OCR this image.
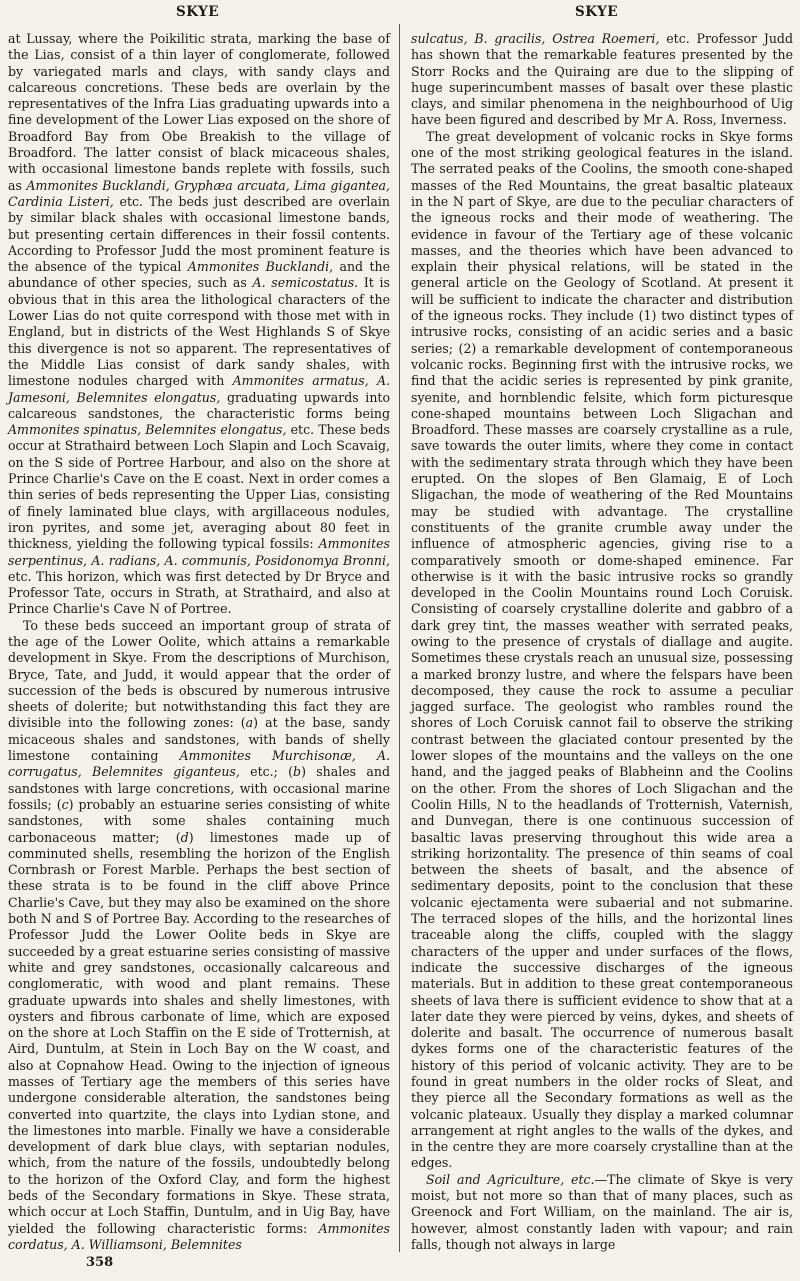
SKYE	SKYE

at Lussay, where the Poikilitic strata, marking the base of the Lias, consist of a thin layer of conglomerate, followed by variegated marls and clays, with sandy clays and calcareous concretions. These beds are overlain by the representatives of the Infra Lias graduating upwards into a fine development of the Lower Lias exposed on the shore of Broadford Bay from Obe Breakish to the village of Broadford. The latter consist of black micaceous shales, with occasional limestone bands replete with fossils, such as Ammonites Bucklandi, Gryphæa arcuata, Lima gigantea, Cardinia Listeri, etc. The beds just described are overlain by similar black shales with occasional limestone bands, but presenting certain differences in their fossil contents. According to Professor Judd the most prominent feature is the absence of the typical Ammonites Bucklandi, and the abundance of other species, such as A. semicostatus. It is obvious that in this area the lithological characters of the Lower Lias do not quite correspond with those met with in England, but in districts of the West Highlands S of Skye this divergence is not so apparent. The representatives of the Middle Lias consist of dark sandy shales, with limestone nodules charged with Ammonites armatus, A. Jamesoni, Belemnites elongatus, graduating upwards into calcareous sandstones, the characteristic forms being Ammonites spinatus, Belemnites elongatus, etc. These beds occur at Strathaird between Loch Slapin and Loch Scavaig, on the S side of Portree Harbour, and also on the shore at Prince Charlie's Cave on the E coast. Next in order comes a thin series of beds representing the Upper Lias, consisting of finely laminated blue clays, with argillaceous nodules, iron pyrites, and some jet, averaging about 80 feet in thickness, yielding the following typical fossils: Ammonites serpentinus, A. radians, A. communis, Posidonomya Bronni, etc. This horizon, which was first detected by Dr Bryce and Professor Tate, occurs in Strath, at Strathaird, and also at Prince Charlie's Cave N of Portree.

To these beds succeed an important group of strata of the age of the Lower Oolite, which attains a remarkable development in Skye. From the descriptions of Murchison, Bryce, Tate, and Judd, it would appear that the order of succession of the beds is obscured by numerous intrusive sheets of dolerite; but notwithstanding this fact they are divisible into the following zones: (a) at the base, sandy micaceous shales and sandstones, with bands of shelly limestone containing Ammonites Murchisonæ, A. corrugatus, Belemnites giganteus, etc.; (b) shales and sandstones with large concretions, with occasional marine fossils; (c) probably an estuarine series consisting of white sandstones, with some shales containing much carbonaceous matter; (d) limestones made up of comminuted shells, resembling the horizon of the English Cornbrash or Forest Marble. Perhaps the best section of these strata is to be found in the cliff above Prince Charlie's Cave, but they may also be examined on the shore both N and S of Portree Bay. According to the researches of Professor Judd the Lower Oolite beds in Skye are succeeded by a great estuarine series consisting of massive white and grey sandstones, occasionally calcareous and conglomeratic, with wood and plant remains. These graduate upwards into shales and shelly limestones, with oysters and fibrous carbonate of lime, which are exposed on the shore at Loch Staffin on the E side of Trotternish, at Aird, Duntulm, at Stein in Loch Bay on the W coast, and also at Copnahow Head. Owing to the injection of igneous masses of Tertiary age the members of this series have undergone considerable alteration, the sandstones being converted into quartzite, the clays into Lydian stone, and the limestones into marble. Finally we have a considerable development of dark blue clays, with septarian nodules, which, from the nature of the fossils, undoubtedly belong to the horizon of the Oxford Clay, and form the highest beds of the Secondary formations in Skye. These strata, which occur at Loch Staffin, Duntulm, and in Uig Bay, have yielded the following characteristic forms: Ammonites cordatus, A. Williamsoni, Belemnites

sulcatus, B. gracilis, Ostrea Roemeri, etc. Professor Judd has shown that the remarkable features presented by the Storr Rocks and the Quiraing are due to the slipping of huge superincumbent masses of basalt over these plastic clays, and similar phenomena in the neighbourhood of Uig have been figured and described by Mr A. Ross, Inverness.

The great development of volcanic rocks in Skye forms one of the most striking geological features in the island. The serrated peaks of the Coolins, the smooth cone-shaped masses of the Red Mountains, the great basaltic plateaux in the N part of Skye, are due to the peculiar characters of the igneous rocks and their mode of weathering. The evidence in favour of the Tertiary age of these volcanic masses, and the theories which have been advanced to explain their physical relations, will be stated in the general article on the Geology of Scotland. At present it will be sufficient to indicate the character and distribution of the igneous rocks. They include (1) two distinct types of intrusive rocks, consisting of an acidic series and a basic series; (2) a remarkable development of contemporaneous volcanic rocks. Beginning first with the intrusive rocks, we find that the acidic series is represented by pink granite, syenite, and hornblendic felsite, which form picturesque cone-shaped mountains between Loch Sligachan and Broadford. These masses are coarsely crystalline as a rule, save towards the outer limits, where they come in contact with the sedimentary strata through which they have been erupted. On the slopes of Ben Glamaig, E of Loch Sligachan, the mode of weathering of the Red Mountains may be studied with advantage. The crystalline constituents of the granite crumble away under the influence of atmospheric agencies, giving rise to a comparatively smooth or dome-shaped eminence. Far otherwise is it with the basic intrusive rocks so grandly developed in the Coolin Mountains round Loch Coruisk. Consisting of coarsely crystalline dolerite and gabbro of a dark grey tint, the masses weather with serrated peaks, owing to the presence of crystals of diallage and augite. Sometimes these crystals reach an unusual size, possessing a marked bronzy lustre, and where the felspars have been decomposed, they cause the rock to assume a peculiar jagged surface. The geologist who rambles round the shores of Loch Coruisk cannot fail to observe the striking contrast between the glaciated contour presented by the lower slopes of the mountains and the valleys on the one hand, and the jagged peaks of Blabheinn and the Coolins on the other. From the shores of Loch Sligachan and the Coolin Hills, N to the headlands of Trotternish, Vaternish, and Dunvegan, there is one continuous succession of basaltic lavas preserving throughout this wide area a striking horizontality. The presence of thin seams of coal between the sheets of basalt, and the absence of sedimentary deposits, point to the conclusion that these volcanic ejectamenta were subaerial and not submarine. The terraced slopes of the hills, and the horizontal lines traceable along the cliffs, coupled with the slaggy characters of the upper and under surfaces of the flows, indicate the successive discharges of the igneous materials. But in addition to these great contemporaneous sheets of lava there is sufficient evidence to show that at a later date they were pierced by veins, dykes, and sheets of dolerite and basalt. The occurrence of numerous basalt dykes forms one of the characteristic features of the history of this period of volcanic activity. They are to be found in great numbers in the older rocks of Sleat, and they pierce all the Secondary formations as well as the volcanic plateaux. Usually they display a marked columnar arrangement at right angles to the walls of the dykes, and in the centre they are more coarsely crystalline than at the edges.

Soil and Agriculture, etc.—The climate of Skye is very moist, but not more so than that of many places, such as Greenock and Fort William, on the mainland. The air is, however, almost constantly laden with vapour; and rain falls, though not always in large

358
